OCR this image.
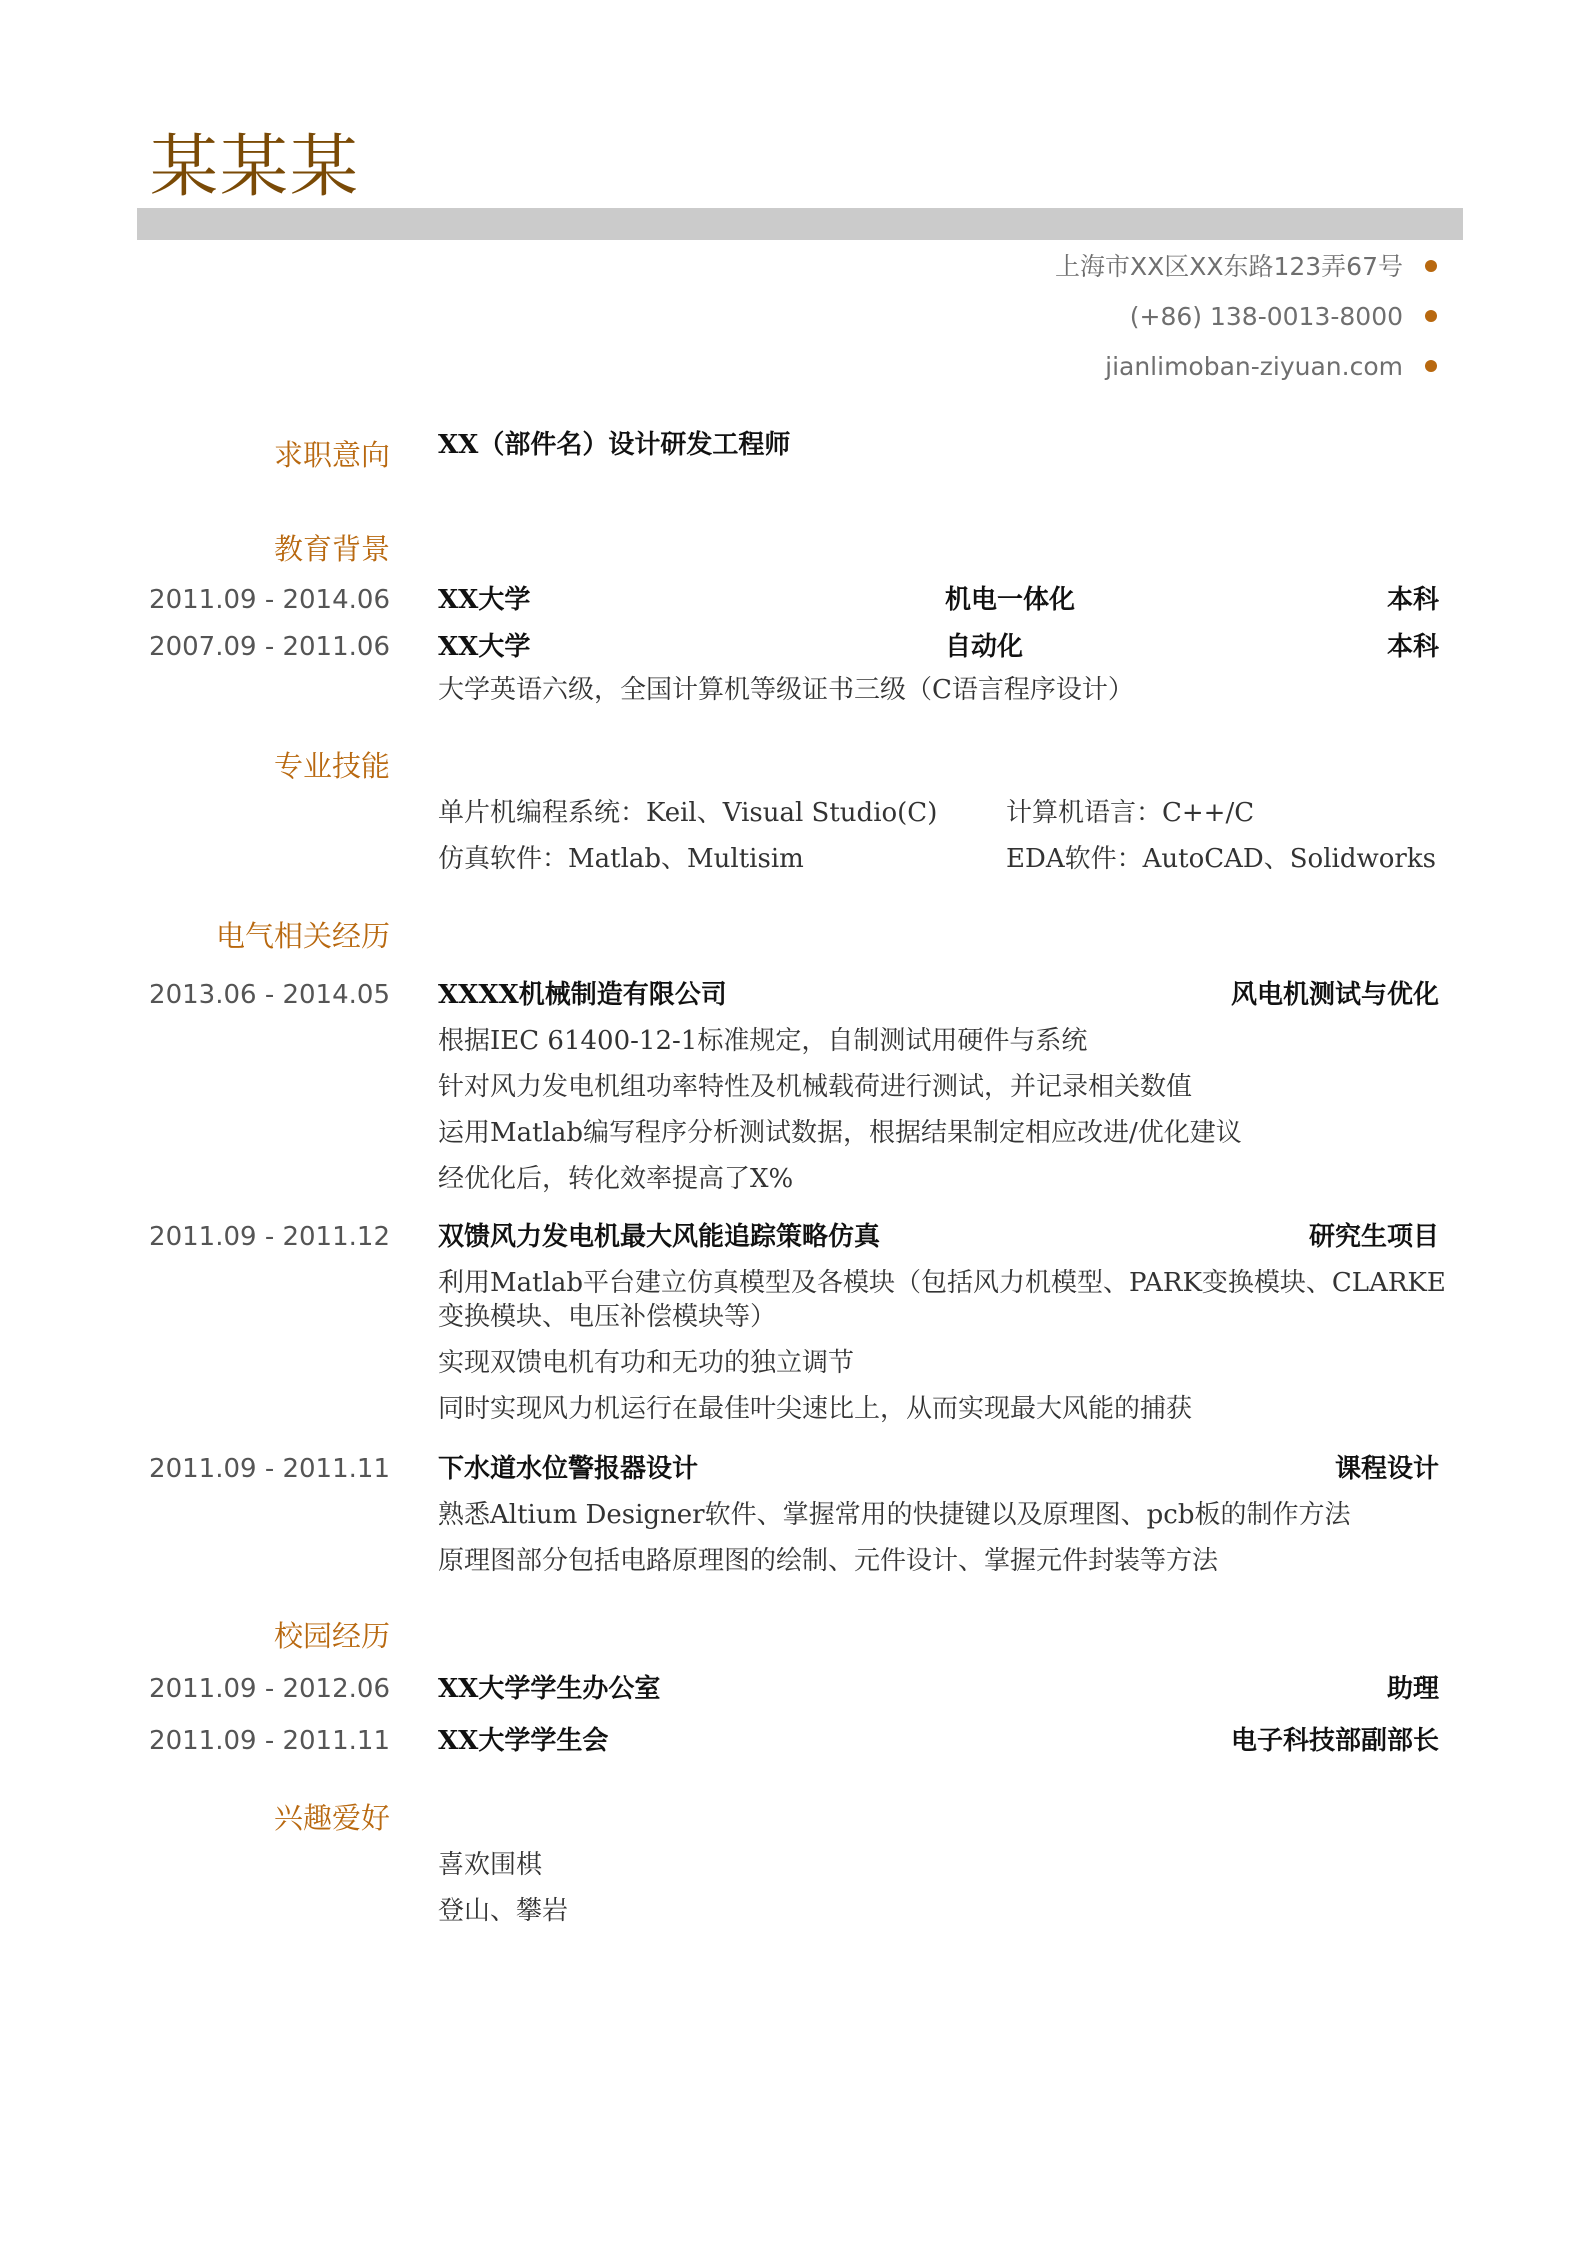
某某某
上海市XX区XX东路123弄67号
(+86) 138-0013-8000
jianlimoban-ziyuan.com
求职意向 XX（部件名）设计研发工程师
教育背景
2011.09 - 2014.06 XX大学	机电一体化	本科
2007.09 - 2011.06 XX大学	自动化	本科
大学英语六级，全国计算机等级证书三级（C语言程序设计）
专业技能
单片机编程系统：Keil、Visual Studio(C)	计算机语言：C++/C
仿真软件：Matlab、Multisim	EDA软件：AutoCAD、Solidworks
电气相关经历
2013.06 - 2014.05 XXXX机械制造有限公司	风电机测试与优化
根据IEC 61400-12-1标准规定，自制测试用硬件与系统
针对风力发电机组功率特性及机械载荷进行测试，并记录相关数值
运用Matlab编写程序分析测试数据，根据结果制定相应改进/优化建议
经优化后，转化效率提高了X%
2011.09 - 2011.12 双馈风力发电机最大风能追踪策略仿真	研究生项目
利用Matlab平台建立仿真模型及各模块（包括风力机模型、PARK变换模块、CLARKE变换模块、电压补偿模块等）
实现双馈电机有功和无功的独立调节
同时实现风力机运行在最佳叶尖速比上，从而实现最大风能的捕获
2011.09 - 2011.11 下水道水位警报器设计	课程设计
熟悉Altium Designer软件、掌握常用的快捷键以及原理图、pcb板的制作方法
原理图部分包括电路原理图的绘制、元件设计、掌握元件封装等方法
校园经历
2011.09 - 2012.06 XX大学学生办公室	助理
2011.09 - 2011.11 XX大学学生会	电子科技部副部长
兴趣爱好
喜欢围棋
登山、攀岩
